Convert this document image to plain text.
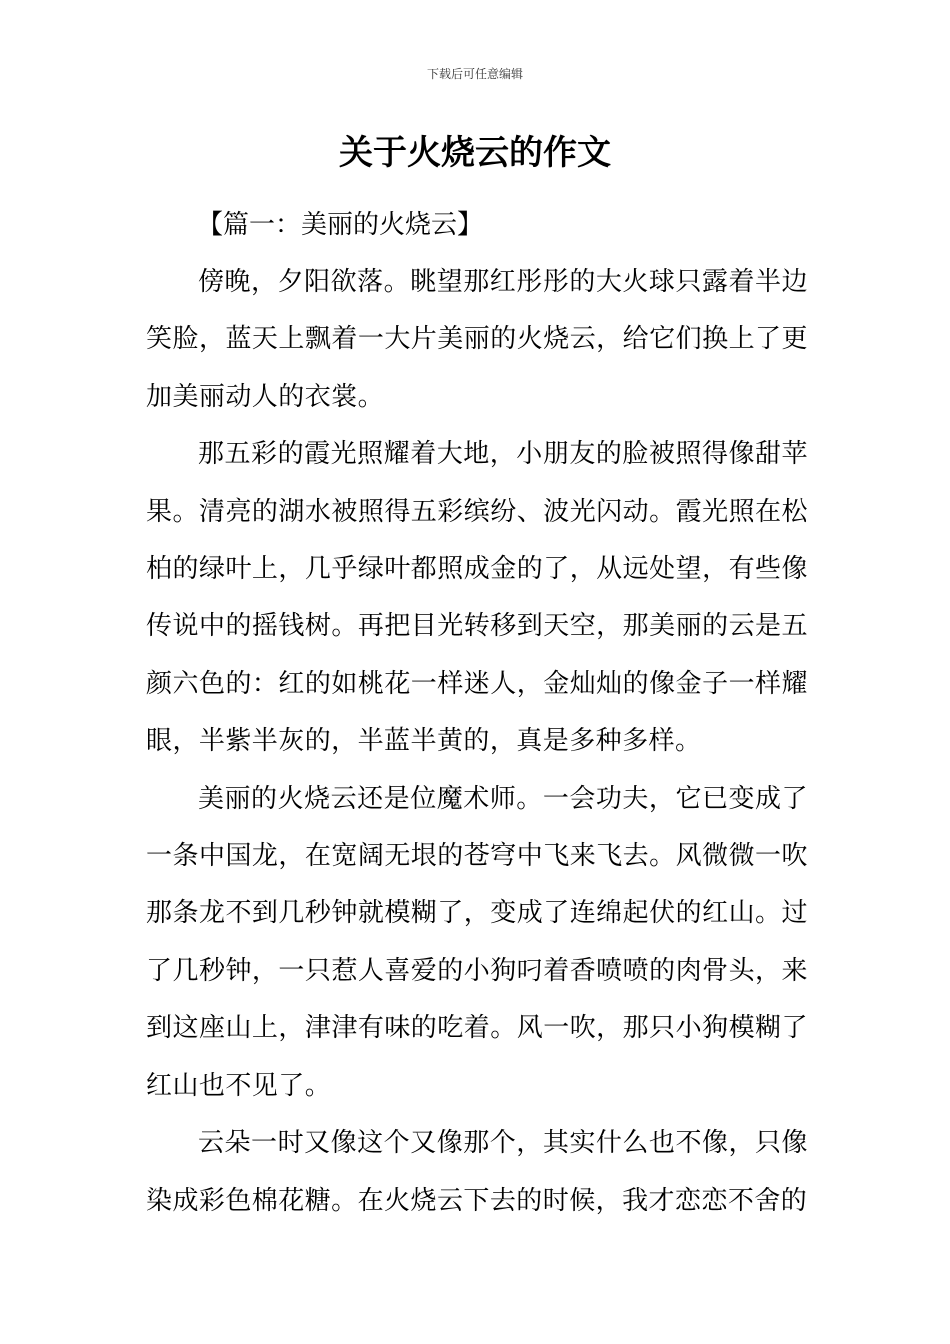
下载后可任意编辑
关于火烧云的作文

【篇一：美丽的火烧云】

傍晚，夕阳欲落。眺望那红彤彤的大火球只露着半边笑脸，蓝天上飘着一大片美丽的火烧云，给它们换上了更加美丽动人的衣裳。

那五彩的霞光照耀着大地，小朋友的脸被照得像甜苹果。清亮的湖水被照得五彩缤纷、波光闪动。霞光照在松柏的绿叶上，几乎绿叶都照成金的了，从远处望，有些像传说中的摇钱树。再把目光转移到天空，那美丽的云是五颜六色的：红的如桃花一样迷人，金灿灿的像金子一样耀眼，半紫半灰的，半蓝半黄的，真是多种多样。

美丽的火烧云还是位魔术师。一会功夫，它已变成了一条中国龙，在宽阔无垠的苍穹中飞来飞去。风微微一吹那条龙不到几秒钟就模糊了，变成了连绵起伏的红山。过了几秒钟，一只惹人喜爱的小狗叼着香喷喷的肉骨头，来到这座山上，津津有味的吃着。风一吹，那只小狗模糊了红山也不见了。

云朵一时又像这个又像那个，其实什么也不像，只像染成彩色棉花糖。在火烧云下去的时候，我才恋恋不舍的
